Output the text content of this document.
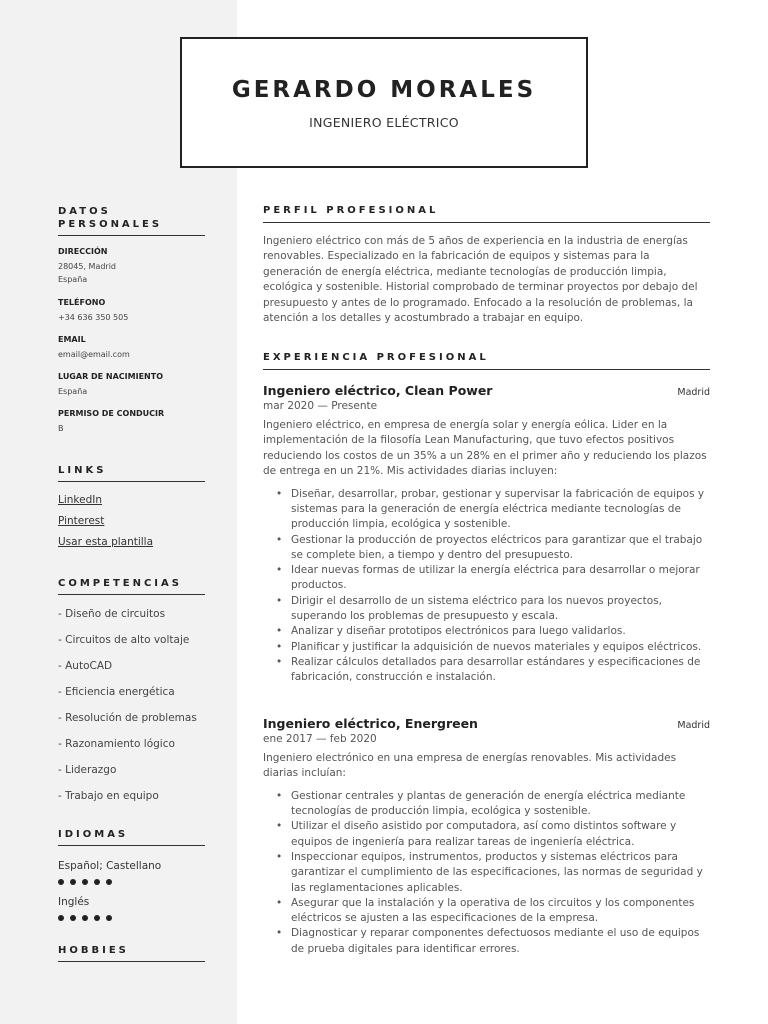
GERARDO MORALES
INGENIERO ELÉCTRICO
DATOS PERSONALES
DIRECCIÓN
28045, Madrid
España
TELÉFONO
+34 636 350 505
EMAIL
email@email.com
LUGAR DE NACIMIENTO
España
PERMISO DE CONDUCIR
B
LINKS
LinkedIn
Pinterest
Usar esta plantilla
COMPETENCIAS
- Diseño de circuitos
- Circuitos de alto voltaje
- AutoCAD
- Eficiencia energética
- Resolución de problemas
- Razonamiento lógico
- Liderazgo
- Trabajo en equipo
IDIOMAS
Español; Castellano
Inglés
HOBBIES
PERFIL PROFESIONAL
Ingeniero eléctrico con más de 5 años de experiencia en la industria de energías renovables. Especializado en la fabricación de equipos y sistemas para la generación de energía eléctrica, mediante tecnologías de producción limpia, ecológica y sostenible. Historial comprobado de terminar proyectos por debajo del presupuesto y antes de lo programado. Enfocado a la resolución de problemas, la atención a los detalles y acostumbrado a trabajar en equipo.
EXPERIENCIA PROFESIONAL
Ingeniero eléctrico, Clean Power	Madrid
mar 2020 — Presente
Ingeniero eléctrico, en empresa de energía solar y energía eólica. Lider en la implementación de la filosofía Lean Manufacturing, que tuvo efectos positivos reduciendo los costos de un 35% a un 28% en el primer año y reduciendo los plazos de entrega en un 21%. Mis actividades diarias incluyen:
• Diseñar, desarrollar, probar, gestionar y supervisar la fabricación de equipos y sistemas para la generación de energía eléctrica mediante tecnologías de producción limpia, ecológica y sostenible.
• Gestionar la producción de proyectos eléctricos para garantizar que el trabajo se complete bien, a tiempo y dentro del presupuesto.
• Idear nuevas formas de utilizar la energía eléctrica para desarrollar o mejorar productos.
• Dirigir el desarrollo de un sistema eléctrico para los nuevos proyectos, superando los problemas de presupuesto y escala.
• Analizar y diseñar prototipos electrónicos para luego validarlos.
• Planificar y justificar la adquisición de nuevos materiales y equipos eléctricos.
• Realizar cálculos detallados para desarrollar estándares y especificaciones de fabricación, construcción e instalación.
Ingeniero eléctrico, Energreen	Madrid
ene 2017 — feb 2020
Ingeniero electrónico en una empresa de energías renovables. Mis actividades diarias incluían:
• Gestionar centrales y plantas de generación de energía eléctrica mediante tecnologías de producción limpia, ecológica y sostenible.
• Utilizar el diseño asistido por computadora, así como distintos software y equipos de ingeniería para realizar tareas de ingeniería eléctrica.
• Inspeccionar equipos, instrumentos, productos y sistemas eléctricos para garantizar el cumplimiento de las especificaciones, las normas de seguridad y las reglamentaciones aplicables.
• Asegurar que la instalación y la operativa de los circuitos y los componentes eléctricos se ajusten a las especificaciones de la empresa.
• Diagnosticar y reparar componentes defectuosos mediante el uso de equipos de prueba digitales para identificar errores.
